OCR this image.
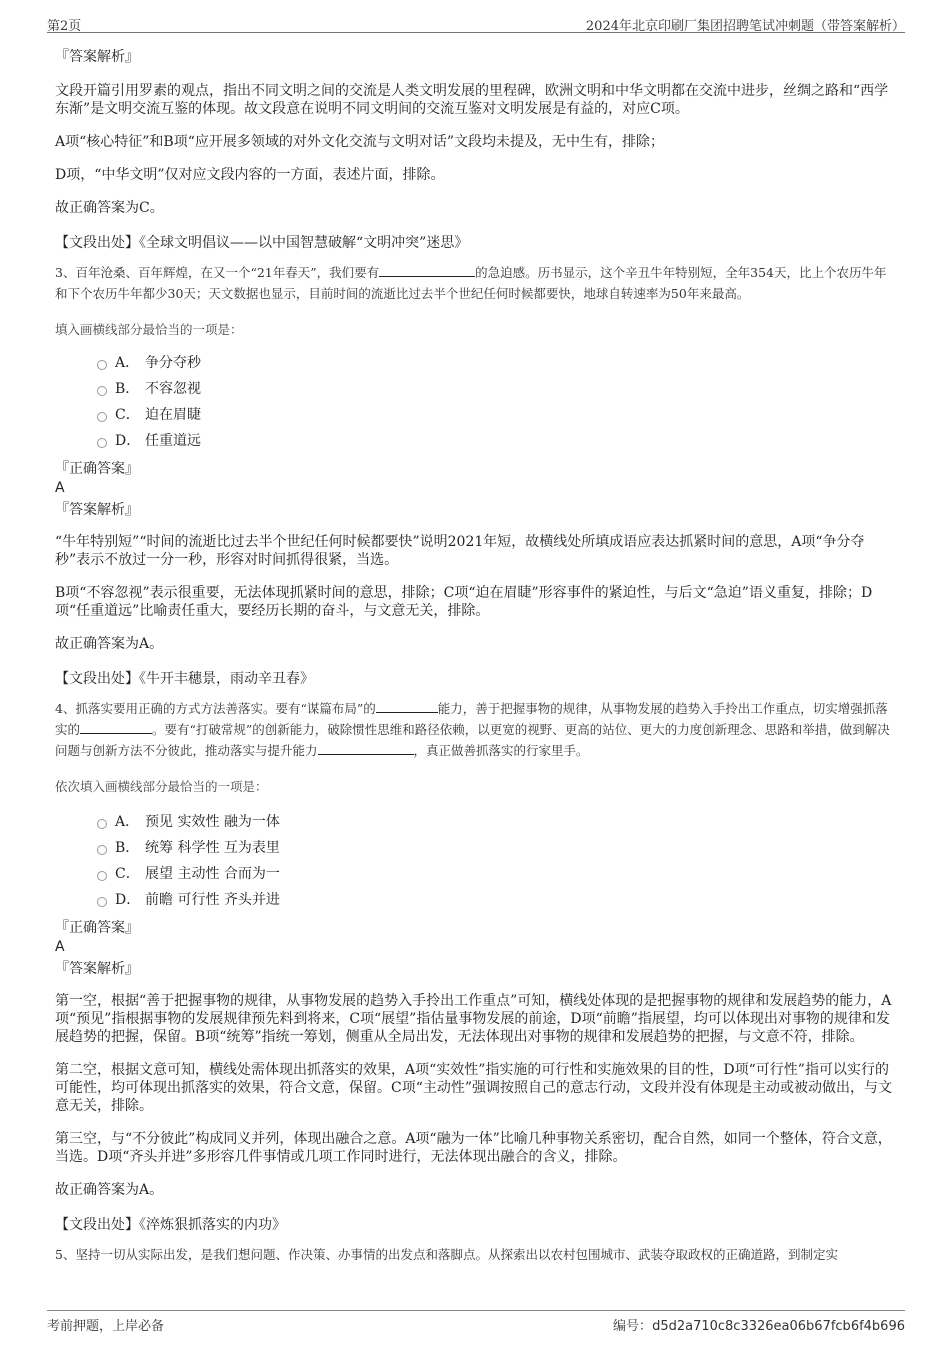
第2页	2024年北京印刷厂集团招聘笔试冲刺题（带答案解析）

『答案解析』

文段开篇引用罗素的观点，指出不同文明之间的交流是人类文明发展的里程碑，欧洲文明和中华文明都在交流中进步，丝绸之路和“西学东渐”是文明交流互鉴的体现。故文段意在说明不同文明间的交流互鉴对文明发展是有益的，对应C项。

A项“核心特征”和B项“应开展多领域的对外文化交流与文明对话”文段均未提及，无中生有，排除；

D项，“中华文明”仅对应文段内容的一方面，表述片面，排除。

故正确答案为C。

【文段出处】《全球文明倡议——以中国智慧破解“文明冲突”迷思》

3、百年沧桑、百年辉煌，在又一个“21年春天”，我们要有	的急迫感。历书显示，这个辛丑牛年特别短，全年354天，比上个农历牛年和下个农历牛年都少30天；天文数据也显示，目前时间的流逝比过去半个世纪任何时候都要快，地球自转速率为50年来最高。

填入画横线部分最恰当的一项是：

A． 争分夺秒
B． 不容忽视
C． 迫在眉睫
D． 任重道远

『正确答案』

A

『答案解析』

“牛年特别短”“时间的流逝比过去半个世纪任何时候都要快”说明2021年短，故横线处所填成语应表达抓紧时间的意思，A项“争分夺秒”表示不放过一分一秒，形容对时间抓得很紧，当选。

B项“不容忽视”表示很重要，无法体现抓紧时间的意思，排除；C项“迫在眉睫”形容事件的紧迫性，与后文“急迫”语义重复，排除；D项“任重道远”比喻责任重大，要经历长期的奋斗，与文意无关，排除。

故正确答案为A。

【文段出处】《牛开丰穗景，雨动辛丑春》

4、抓落实要用正确的方式方法善落实。要有“谋篇布局”的	能力，善于把握事物的规律，从事物发展的趋势入手拎出工作重点，切实增强抓落实的	。要有“打破常规”的创新能力，破除惯性思维和路径依赖，以更宽的视野、更高的站位、更大的力度创新理念、思路和举措，做到解决问题与创新方法不分彼此，推动落实与提升能力	，真正做善抓落实的行家里手。

依次填入画横线部分最恰当的一项是：

A． 预见 实效性 融为一体
B． 统筹 科学性 互为表里
C． 展望 主动性 合而为一
D． 前瞻 可行性 齐头并进

『正确答案』

A

『答案解析』

第一空，根据“善于把握事物的规律，从事物发展的趋势入手拎出工作重点”可知，横线处体现的是把握事物的规律和发展趋势的能力，A项“预见”指根据事物的发展规律预先料到将来，C项“展望”指估量事物发展的前途，D项“前瞻”指展望，均可以体现出对事物的规律和发展趋势的把握，保留。B项“统筹”指统一筹划，侧重从全局出发，无法体现出对事物的规律和发展趋势的把握，与文意不符，排除。

第二空，根据文意可知，横线处需体现出抓落实的效果，A项“实效性”指实施的可行性和实施效果的目的性，D项“可行性”指可以实行的可能性，均可体现出抓落实的效果，符合文意，保留。C项“主动性”强调按照自己的意志行动，文段并没有体现是主动或被动做出，与文意无关，排除。

第三空，与“不分彼此”构成同义并列，体现出融合之意。A项“融为一体”比喻几种事物关系密切，配合自然，如同一个整体，符合文意，当选。D项“齐头并进”多形容几件事情或几项工作同时进行，无法体现出融合的含义，排除。

故正确答案为A。

【文段出处】《淬炼狠抓落实的内功》

5、坚持一切从实际出发，是我们想问题、作决策、办事情的出发点和落脚点。从探索出以农村包围城市、武装夺取政权的正确道路，到制定实

考前押题，上岸必备	编号：d5d2a710c8c3326ea06b67fcb6f4b696
